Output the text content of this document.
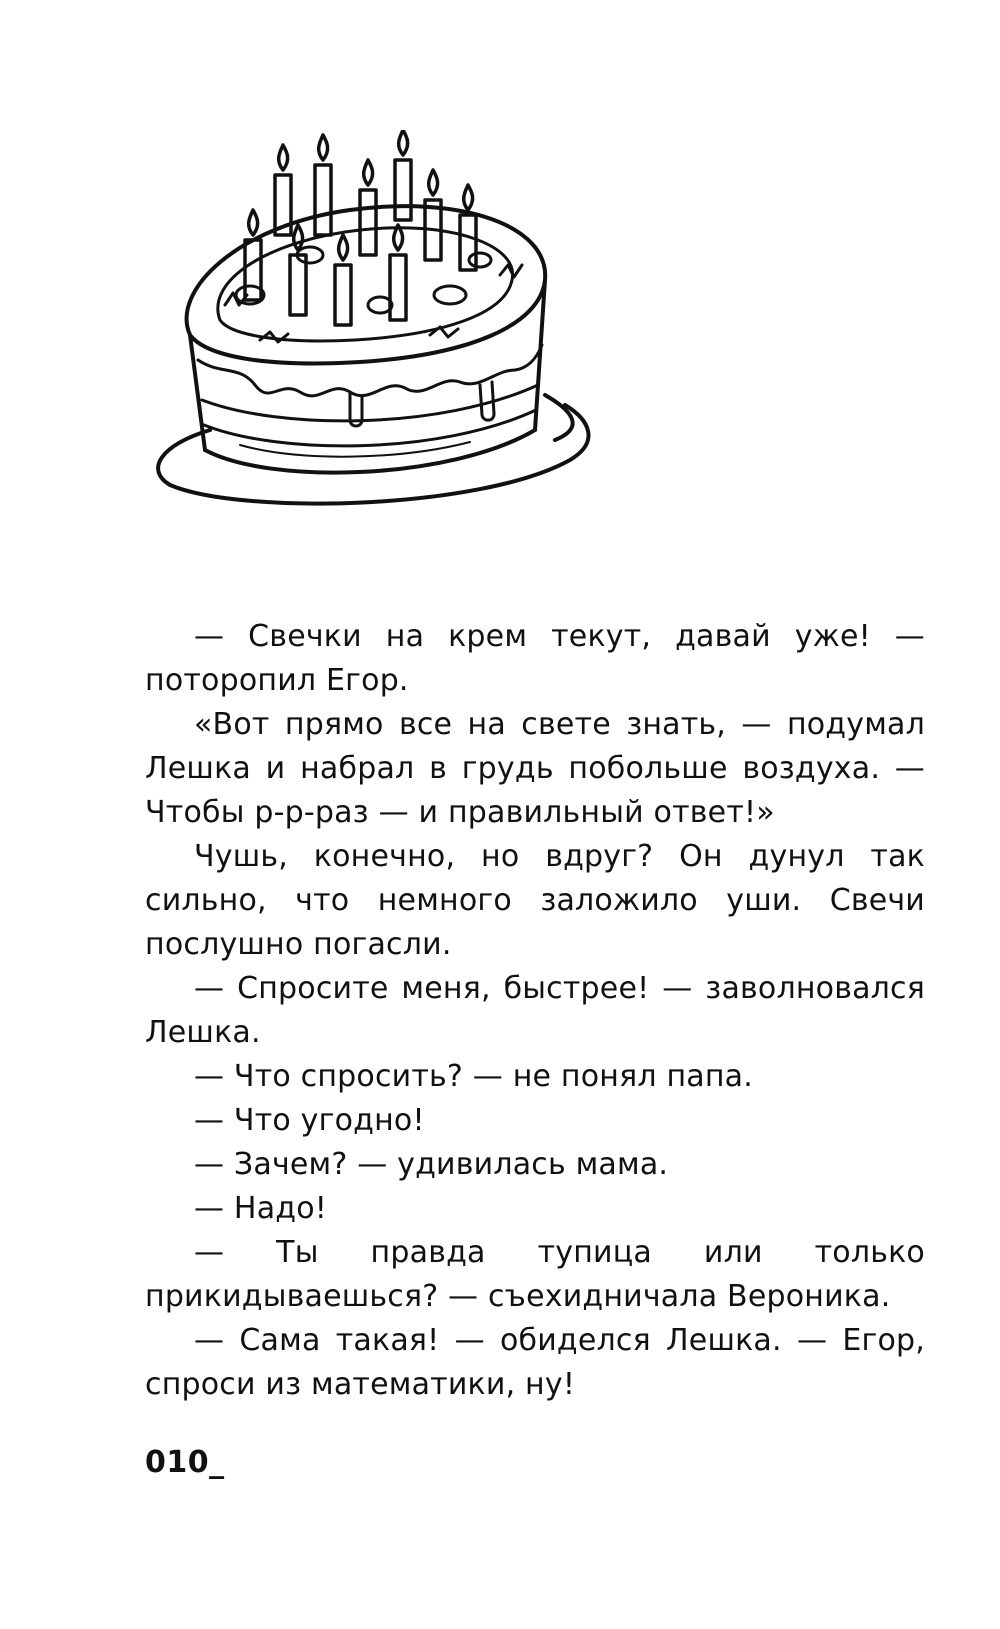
— Свечки на крем текут, давай уже! — поторопил Егор.

«Вот прямо все на свете знать, — подумал Лешка и набрал в грудь побольше воздуха. — Чтобы р-р-раз — и правильный ответ!»

Чушь, конечно, но вдруг? Он дунул так сильно, что немного заложило уши. Свечи послушно погасли.

— Спросите меня, быстрее! — заволновался Лешка.

— Что спросить? — не понял папа.

— Что угодно!

— Зачем? — удивилась мама.

— Надо!

— Ты правда тупица или только прикидываешься? — съехидничала Вероника.

— Сама такая! — обиделся Лешка. — Егор, спроси из математики, ну!

010_
